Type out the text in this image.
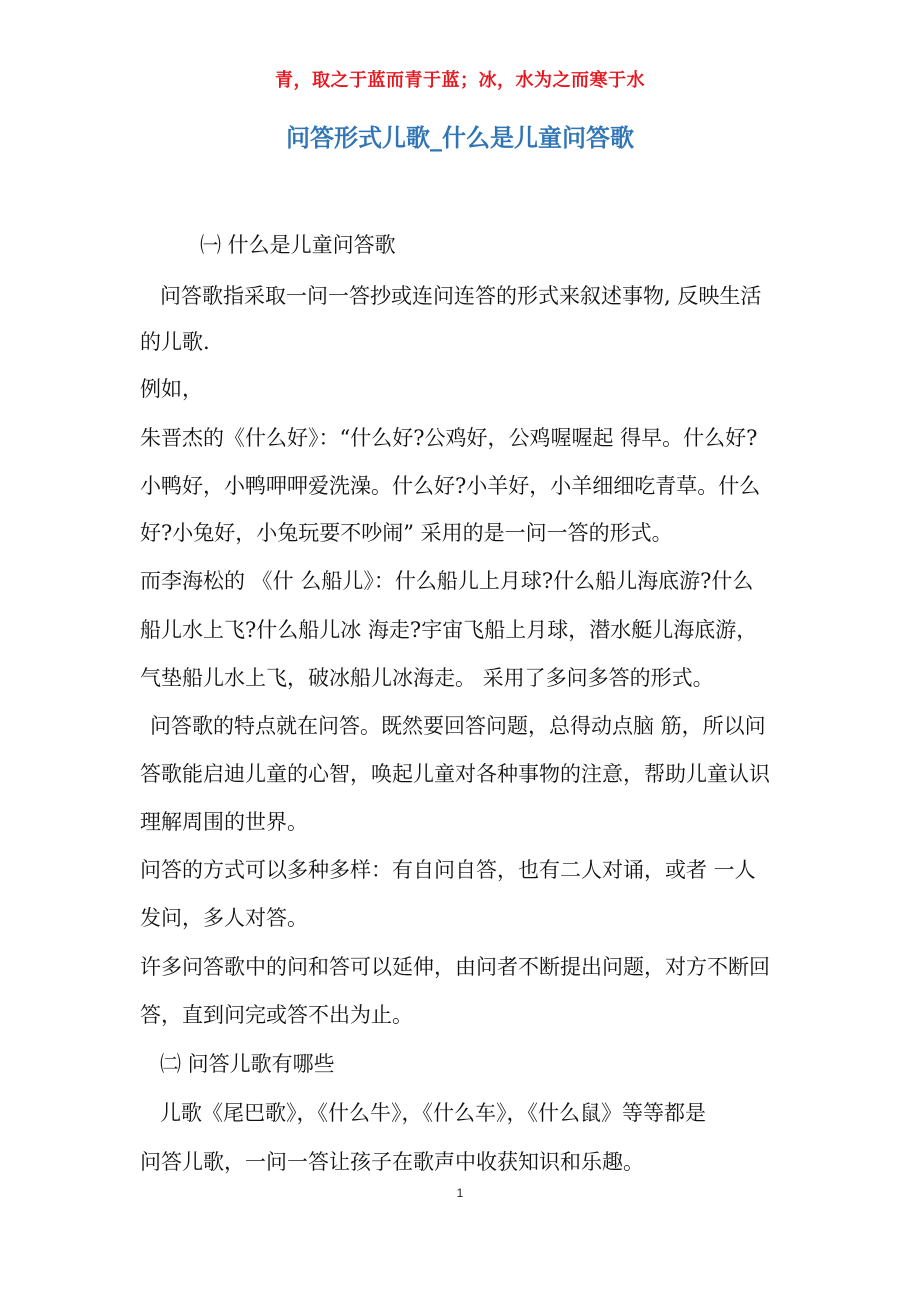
青，取之于蓝而青于蓝；冰，水为之而寒于水
问答形式儿歌_什么是儿童问答歌
㈠ 什么是儿童问答歌
问答歌指采取一问一答抄或连问连答的形式来叙述事物, 反映生活
的儿歌.
例如，
朱晋杰的《什么好》：“什么好?公鸡好，公鸡喔喔起 得早。什么好?
小鸭好，小鸭呷呷爱洗澡。什么好?小羊好，小羊细细吃青草。什么
好?小兔好，小兔玩要不吵闹” 采用的是一问一答的形式。
而李海松的 《什 么船儿》：什么船儿上月球?什么船儿海底游?什么
船儿水上飞?什么船儿冰 海走?宇宙飞船上月球，潜水艇儿海底游，
气垫船儿水上飞，破冰船儿冰海走。 采用了多问多答的形式。
问答歌的特点就在问答。既然要回答问题，总得动点脑 筋，所以问
答歌能启迪儿童的心智，唤起儿童对各种事物的注意，帮助儿童认识
理解周围的世界。
问答的方式可以多种多样：有自问自答，也有二人对诵，或者 一人
发问，多人对答。
许多问答歌中的问和答可以延伸，由问者不断提出问题，对方不断回
答，直到问完或答不出为止。
㈡ 问答儿歌有哪些
儿歌《尾巴歌》，《什么牛》，《什么车》，《什么鼠》等等都是
问答儿歌，一问一答让孩子在歌声中收获知识和乐趣。
1
